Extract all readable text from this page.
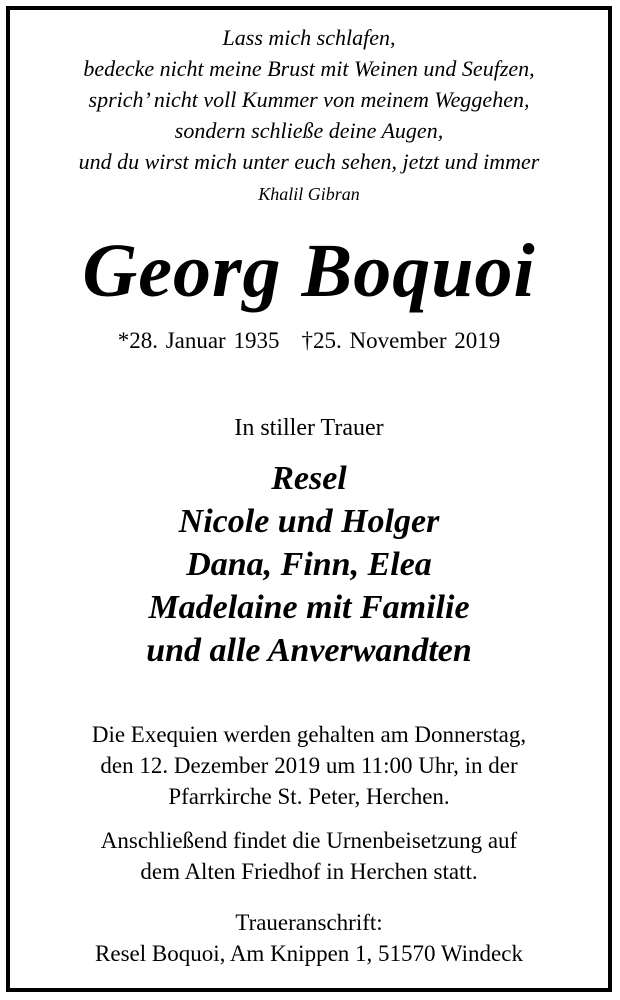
Lass mich schlafen,
bedecke nicht meine Brust mit Weinen und Seufzen,
sprich’ nicht voll Kummer von meinem Weggehen,
sondern schließe deine Augen,
und du wirst mich unter euch sehen, jetzt und immer
Khalil Gibran
Georg Boquoi
*28. Januar 1935 †25. November 2019
In stiller Trauer
Resel
Nicole und Holger
Dana, Finn, Elea
Madelaine mit Familie
und alle Anverwandten
Die Exequien werden gehalten am Donnerstag,
den 12. Dezember 2019 um 11:00 Uhr, in der
Pfarrkirche St. Peter, Herchen.
Anschließend findet die Urnenbeisetzung auf
dem Alten Friedhof in Herchen statt.
Traueranschrift:
Resel Boquoi, Am Knippen 1, 51570 Windeck
